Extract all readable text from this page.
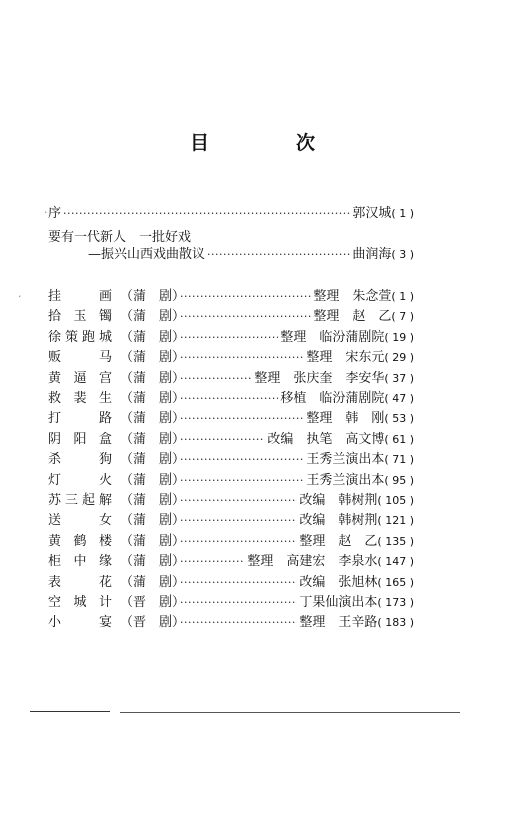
目　次
·
·
序 ·····	郭汉城 ( 1 )
要有一代新人　一批好戏
—振兴山西戏曲散议 ·····	曲润海 ( 3 )
挂　画 （蒲　剧） ·····	整理　朱念萱 ( 1 )
拾玉镯 （蒲　剧） ·····	整理　赵　乙 ( 7 )
徐策跑城 （蒲　剧） ·····	整理　临汾蒲剧院 ( 19 )
贩　马 （蒲　剧） ·····	整理　宋东元 ( 29 )
黄逼宫 （蒲　剧） ·····	整理　张庆奎　李安华 ( 37 )
救裴生 （蒲　剧） ·····	移植　临汾蒲剧院 ( 47 )
打　路 （蒲　剧） ·····	整理　韩　刚 ( 53 )
阴阳盒 （蒲　剧） ·····	改编　执笔　高文博 ( 61 )
杀　狗 （蒲　剧） ·····	王秀兰演出本 ( 71 )
灯　火 （蒲　剧） ·····	王秀兰演出本 ( 95 )
苏三起解 （蒲　剧） ·····	改编　韩树荆 ( 105 )
送　女 （蒲　剧） ·····	改编　韩树荆 ( 121 )
黄鹤楼 （蒲　剧） ·····	整理　赵　乙 ( 135 )
柜中缘 （蒲　剧） ·····	整理　高建宏　李泉水 ( 147 )
表　花 （蒲　剧） ·····	改编　张旭林 ( 165 )
空城计 （晋　剧） ·····	丁果仙演出本 ( 173 )
小　宴 （晋　剧） ·····	整理　王辛路 ( 183 )
